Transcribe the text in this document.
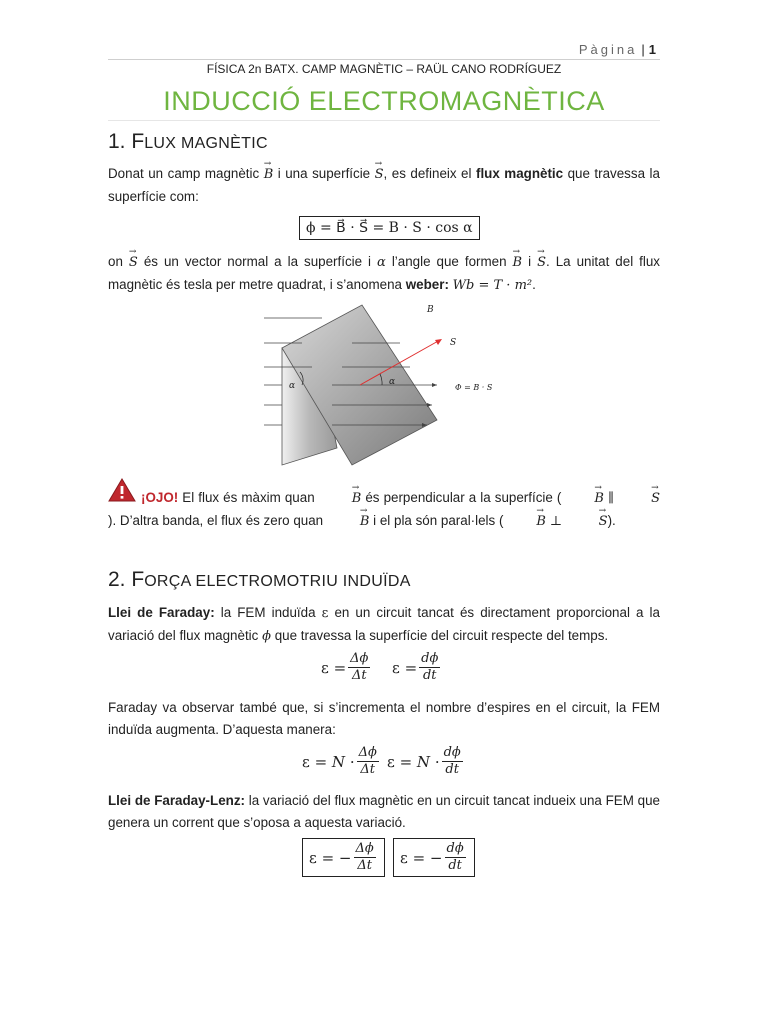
Pàgina | 1
FÍSICA 2n BATX. CAMP MAGNÈTIC – RAÜL CANO RODRÍGUEZ
INDUCCIÓ ELECTROMAGNÈTICA
1. FLUX MAGNÈTIC
Donat un camp magnètic → B i una superfície → S, es defineix el flux magnètic que travessa la superfície com:
ϕ = B⃗ · S⃗ = B · S · cos α
on → S és un vector normal a la superfície i α l’angle que formen → B i → S. La unitat del flux magnètic és tesla per metre quadrat, i s’anomena weber: Wb = T · m².
B
S
α
α	Φ = B · S
¡OJO! El flux és màxim quan	→ B és perpendicular a la superfície (	→ B ∥	→ S). D’altra banda, el flux és zero quan	→ B i el pla són paral·lels (	→ B ⊥	→ S).
2. FORÇA ELECTROMOTRIU INDUÏDA
Llei de Faraday: la FEM induïda ε en un circuit tancat és directament proporcional a la variació del flux magnètic ϕ que travessa la superfície del circuit respecte del temps.
ε
= $\frac{\Delta\phi}{\Delta t}$ ε
= $\frac{d\phi}{dt}$
Faraday va observar també que, si s’incrementa el nombre d’espires en el circuit, la FEM induïda augmenta. D’aquesta manera:
ε
=
N
· $\frac{\Delta\phi}{\Delta t}$ ε
=
N
· $\frac{d\phi}{dt}$
Llei de Faraday-Lenz: la variació del flux magnètic en un circuit tancat indueix una FEM que genera un corrent que s’oposa a aquesta variació.
ε
=
− $\frac{\Delta\phi}{\Delta t}$ ε
=
− $\frac{d\phi}{dt}$
